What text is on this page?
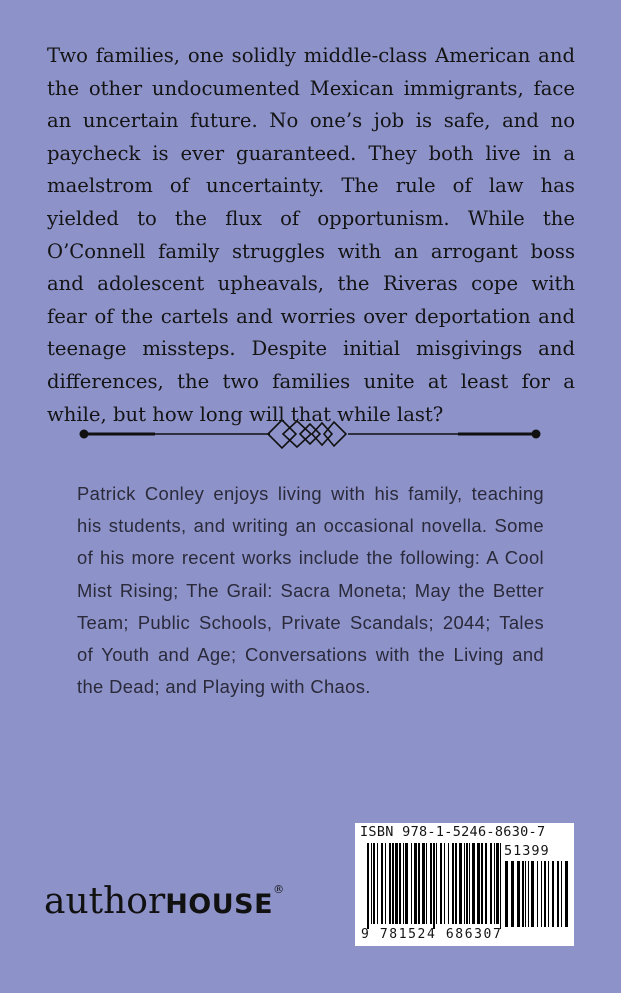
Two families, one solidly middle-class American and the other undocumented Mexican immigrants, face an uncertain future. No one’s job is safe, and no paycheck is ever guaranteed. They both live in a maelstrom of uncertainty. The rule of law has yielded to the flux of opportunism. While the O’Connell family struggles with an arrogant boss and adolescent upheavals, the Riveras cope with fear of the cartels and worries over deportation and teenage missteps. Despite initial misgivings and differences, the two families unite at least for a while, but how long will that while last?

Patrick Conley enjoys living with his family, teaching his students, and writing an occasional novella. Some of his more recent works include the following: A Cool Mist Rising; The Grail: Sacra Moneta; May the Better Team; Public Schools, Private Scandals; 2044; Tales of Youth and Age; Conversations with the Living and the Dead; and Playing with Chaos.

authorHOUSE®
ISBN 978-1-5246-8630-7
51399
9 781524 686307
